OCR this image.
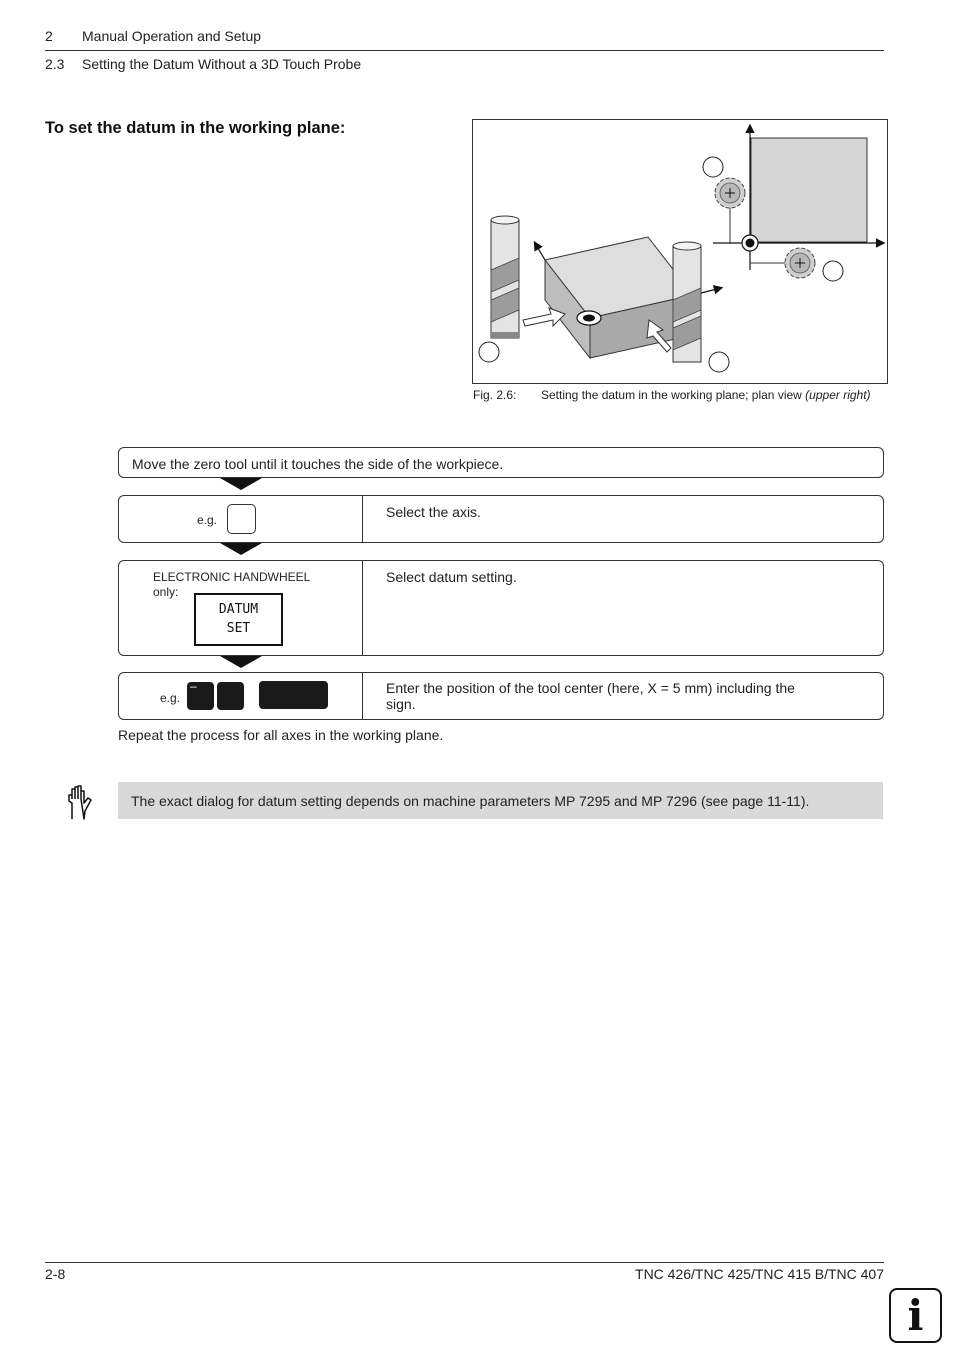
2 Manual Operation and Setup
2.3 Setting the Datum Without a 3D Touch Probe
To set the datum in the working plane:
Fig. 2.6: Setting the datum in the working plane; plan view (upper right)
Move the zero tool until it touches the side of the workpiece.
e.g.	Select the axis.
ELECTRONIC HANDWHEEL
only:
DATUM
SET
Select datum setting.
e.g.
–	Enter the position of the tool center (here, X = 5 mm) including the
sign.
Repeat the process for all axes in the working plane.
The exact dialog for datum setting depends on machine parameters MP 7295 and MP 7296 (see page 11-11).
2-8	TNC 426/TNC 425/TNC 415 B/TNC 407
i
